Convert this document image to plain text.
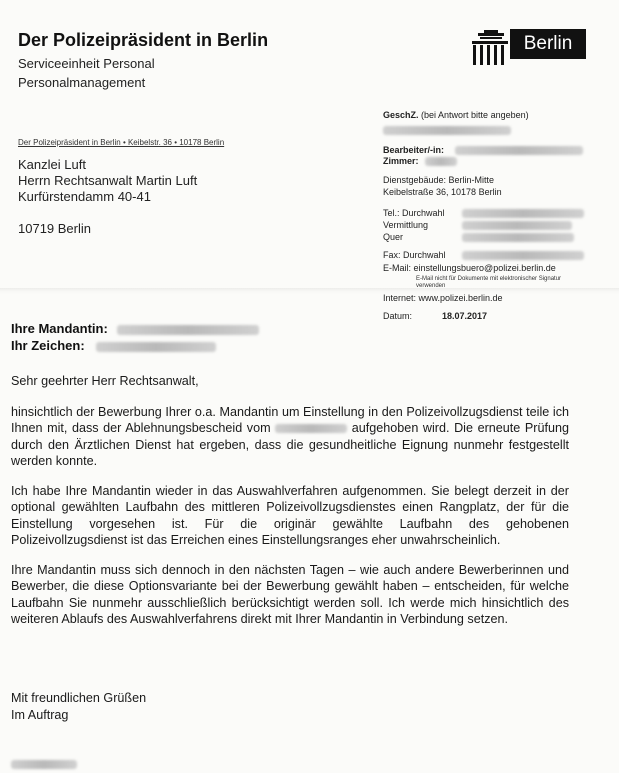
Der Polizeipräsident in Berlin
Serviceeinheit Personal
Personalmanagement
Berlin
Der Polizeipräsident in Berlin • Keibelstr. 36 • 10178 Berlin
Kanzlei Luft
Herrn Rechtsanwalt Martin Luft
Kurfürstendamm 40-41
10719 Berlin
GeschZ. (bei Antwort bitte angeben)
Bearbeiter/-in:
Zimmer:
Dienstgebäude: Berlin-Mitte
Keibelstraße 36, 10178 Berlin
Tel.: Durchwahl
Vermittlung
Quer
Fax: Durchwahl
E-Mail: einstellungsbuero@polizei.berlin.de
E-Mail nicht für Dokumente mit elektronischer Signatur
verwenden
Internet: www.polizei.berlin.de
Datum:	18.07.2017
Ihre Mandantin:
Ihr Zeichen:
Sehr geehrter Herr Rechtsanwalt,

hinsichtlich der Bewerbung Ihrer o.a. Mandantin um Einstellung in den Polizeivollzugsdienst teile ich Ihnen mit, dass der Ablehnungsbescheid vom	aufgehoben wird. Die erneute Prüfung durch den Ärztlichen Dienst hat ergeben, dass die gesundheitliche Eignung nunmehr festgestellt werden konnte.

Ich habe Ihre Mandantin wieder in das Auswahlverfahren aufgenommen. Sie belegt derzeit in der optional gewählten Laufbahn des mittleren Polizeivollzugsdienstes einen Rangplatz, der für die Einstellung vorgesehen ist. Für die originär gewählte Laufbahn des gehobenen Polizeivollzugsdienst ist das Erreichen eines Einstellungsranges eher unwahrscheinlich.
Ihre Mandantin muss sich dennoch in den nächsten Tagen – wie auch andere Bewerberinnen und Bewerber, die diese Optionsvariante bei der Bewerbung gewählt haben – entscheiden, für welche Laufbahn Sie nunmehr ausschließlich berücksichtigt werden soll. Ich werde mich hinsichtlich des weiteren Ablaufs des Auswahlverfahrens direkt mit Ihrer Mandantin in Verbindung setzen.
Mit freundlichen Grüßen
Im Auftrag
